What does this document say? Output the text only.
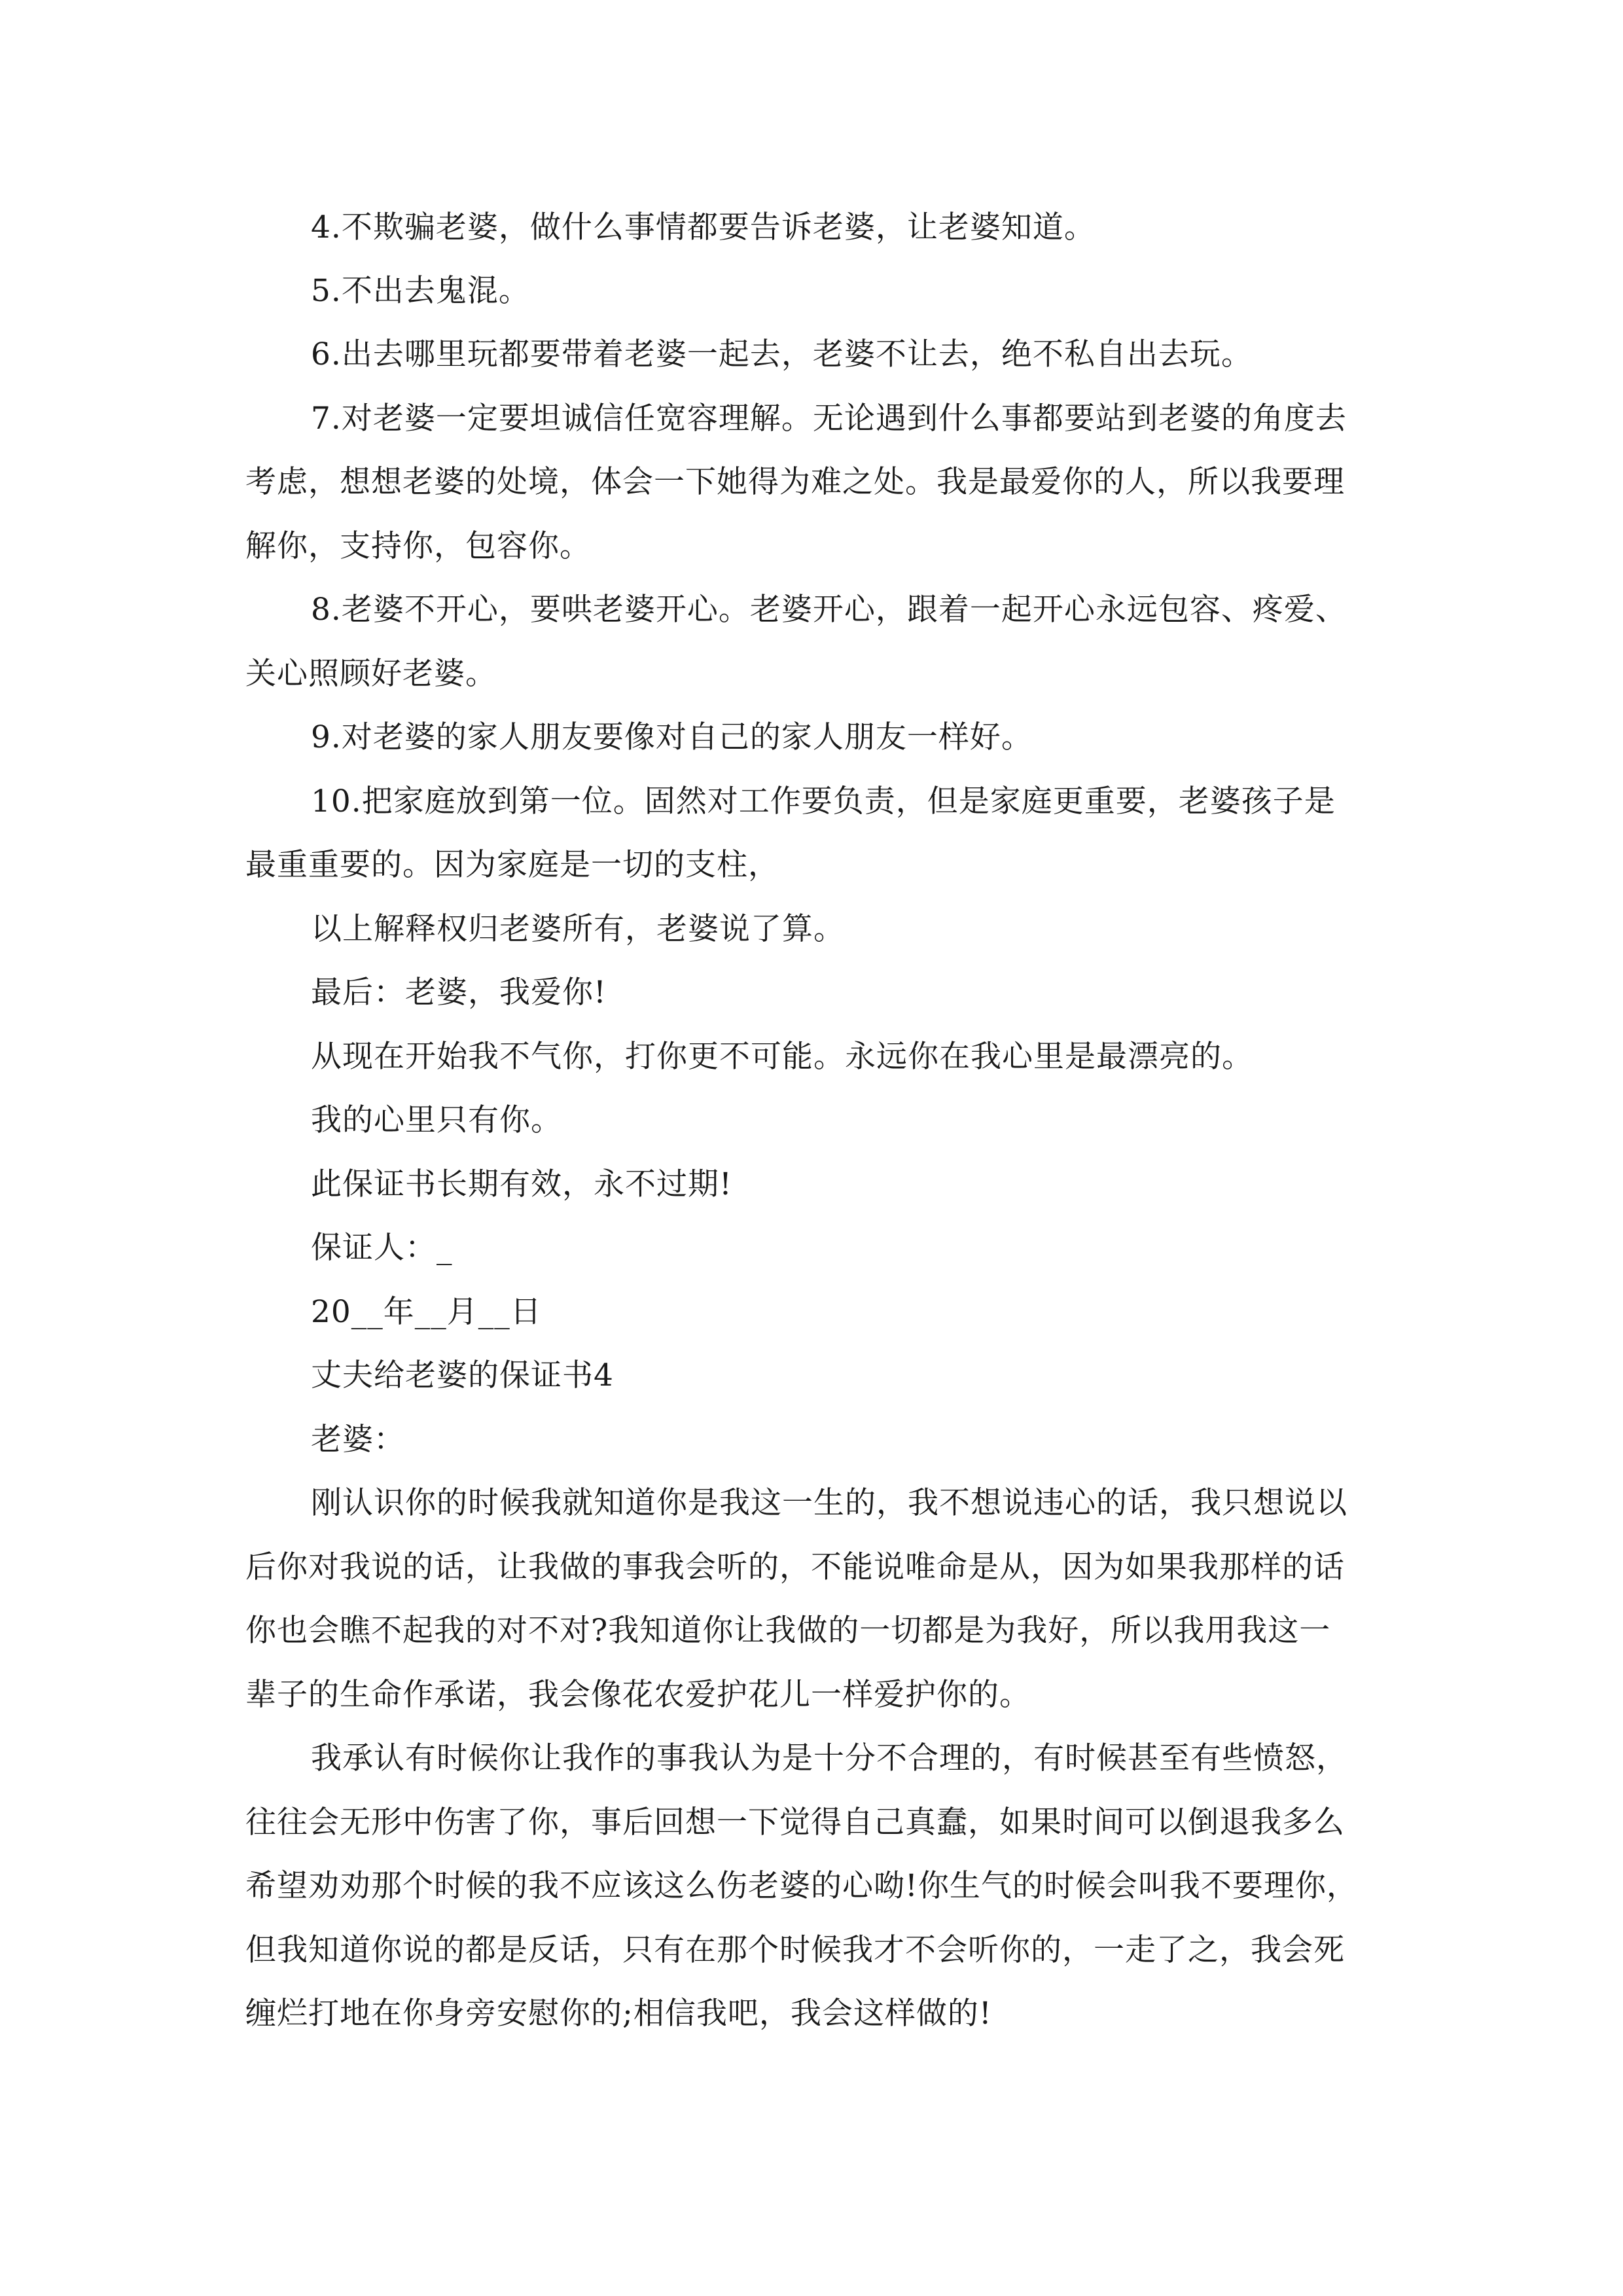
4.不欺骗老婆，做什么事情都要告诉老婆，让老婆知道。
5.不出去鬼混。
6.出去哪里玩都要带着老婆一起去，老婆不让去，绝不私自出去玩。
7.对老婆一定要坦诚信任宽容理解。无论遇到什么事都要站到老婆的角度去
考虑，想想老婆的处境，体会一下她得为难之处。我是最爱你的人，所以我要理
解你，支持你，包容你。
8.老婆不开心，要哄老婆开心。老婆开心，跟着一起开心永远包容、疼爱、
关心照顾好老婆。
9.对老婆的家人朋友要像对自己的家人朋友一样好。
10.把家庭放到第一位。固然对工作要负责，但是家庭更重要，老婆孩子是
最重重要的。因为家庭是一切的支柱，
以上解释权归老婆所有，老婆说了算。
最后：老婆，我爱你!
从现在开始我不气你，打你更不可能。永远你在我心里是最漂亮的。
我的心里只有你。
此保证书长期有效，永不过期!
保证人：_
20__年__月__日
丈夫给老婆的保证书4
老婆：
刚认识你的时候我就知道你是我这一生的，我不想说违心的话，我只想说以
后你对我说的话，让我做的事我会听的，不能说唯命是从，因为如果我那样的话
你也会瞧不起我的对不对?我知道你让我做的一切都是为我好，所以我用我这一
辈子的生命作承诺，我会像花农爱护花儿一样爱护你的。
我承认有时候你让我作的事我认为是十分不合理的，有时候甚至有些愤怒，
往往会无形中伤害了你，事后回想一下觉得自己真蠢，如果时间可以倒退我多么
希望劝劝那个时候的我不应该这么伤老婆的心呦!你生气的时候会叫我不要理你，
但我知道你说的都是反话，只有在那个时候我才不会听你的，一走了之，我会死
缠烂打地在你身旁安慰你的;相信我吧，我会这样做的!
